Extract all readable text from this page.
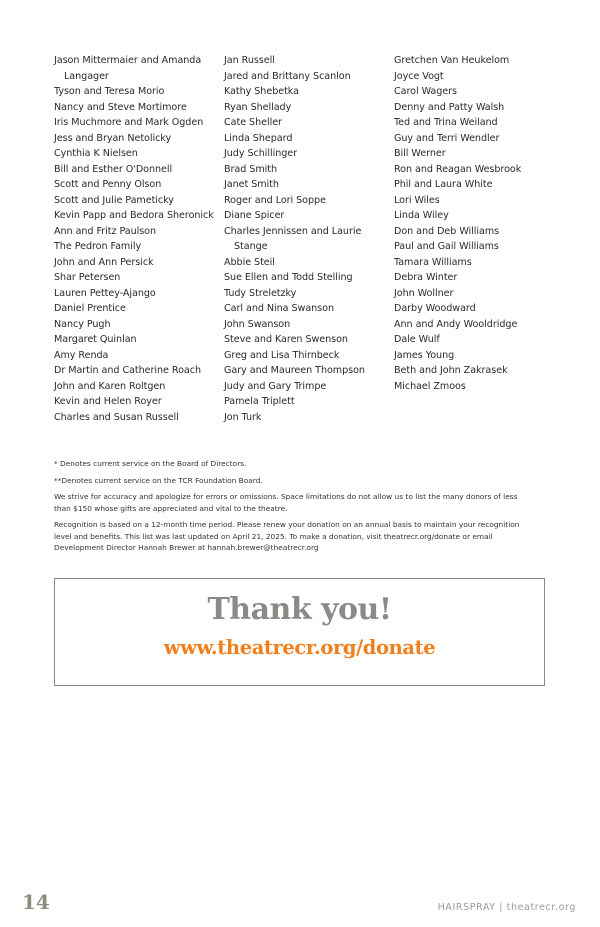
Jason Mittermaier and Amanda Langager
Tyson and Teresa Morio
Nancy and Steve Mortimore
Iris Muchmore and Mark Ogden
Jess and Bryan Netolicky
Cynthia K Nielsen
Bill and Esther O'Donnell
Scott and Penny Olson
Scott and Julie Pameticky
Kevin Papp and Bedora Sheronick
Ann and Fritz Paulson
The Pedron Family
John and Ann Persick
Shar Petersen
Lauren Pettey-Ajango
Daniel Prentice
Nancy Pugh
Margaret Quinlan
Amy Renda
Dr Martin and Catherine Roach
John and Karen Roltgen
Kevin and Helen Royer
Charles and Susan Russell
Jan Russell
Jared and Brittany Scanlon
Kathy Shebetka
Ryan Shellady
Cate Sheller
Linda Shepard
Judy Schillinger
Brad Smith
Janet Smith
Roger and Lori Soppe
Diane Spicer
Charles Jennissen and Laurie Stange
Abbie Steil
Sue Ellen and Todd Stelling
Tudy Streletzky
Carl and Nina Swanson
John Swanson
Steve and Karen Swenson
Greg and Lisa Thirnbeck
Gary and Maureen Thompson
Judy and Gary Trimpe
Pamela Triplett
Jon Turk
Gretchen Van Heukelom
Joyce Vogt
Carol Wagers
Denny and Patty Walsh
Ted and Trina Weiland
Guy and Terri Wendler
Bill Werner
Ron and Reagan Wesbrook
Phil and Laura White
Lori Wiles
Linda Wiley
Don and Deb Williams
Paul and Gail Williams
Tamara Williams
Debra Winter
John Wollner
Darby Woodward
Ann and Andy Wooldridge
Dale Wulf
James Young
Beth and John Zakrasek
Michael Zmoos

* Denotes current service on the Board of Directors.

**Denotes current service on the TCR Foundation Board.

We strive for accuracy and apologize for errors or omissions. Space limitations do not allow us to list the many donors of less than $150 whose gifts are appreciated and vital to the theatre.

Recognition is based on a 12-month time period. Please renew your donation on an annual basis to maintain your recognition level and benefits. This list was last updated on April 21, 2025. To make a donation, visit theatrecr.org/donate or email Development Director Hannah Brewer at hannah.brewer@theatrecr.org

Thank you!
www.theatrecr.org/donate
14	HAIRSPRAY | theatrecr.org
